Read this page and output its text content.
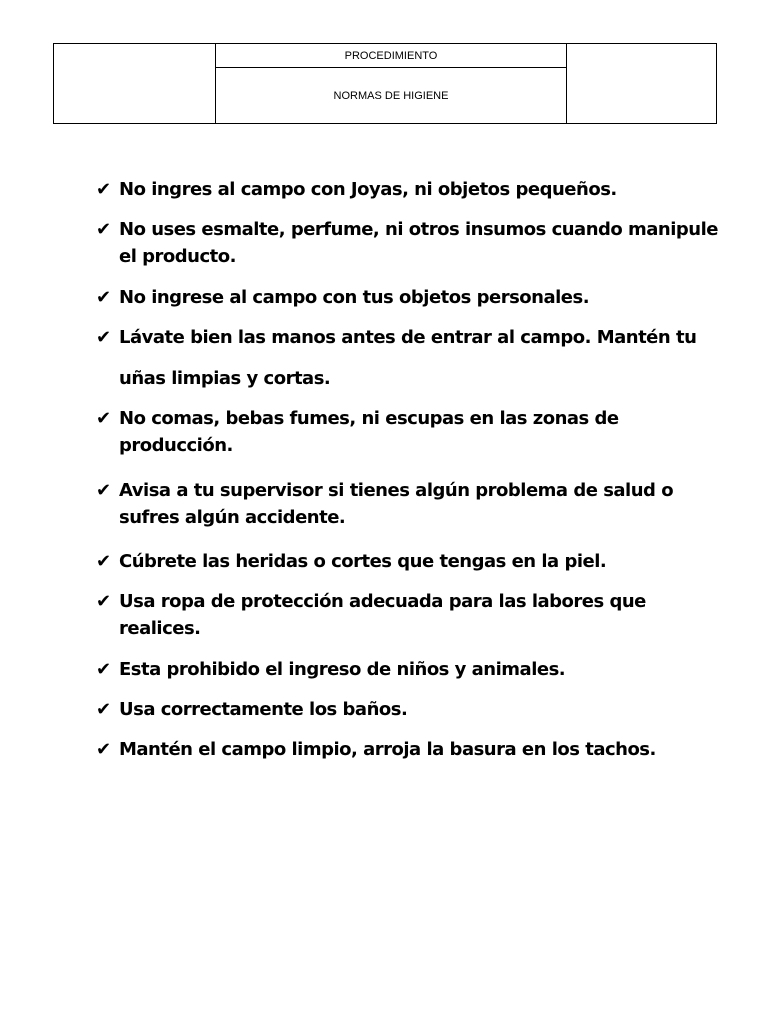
	PROCEDIMIENTO	
NORMAS DE HIGIENE
✔ No ingres al campo con Joyas, ni objetos pequeños.
✔ No uses esmalte, perfume, ni otros insumos cuando manipule el producto.
✔ No ingrese al campo con tus objetos personales.
✔ Lávate bien las manos antes de entrar al campo. Mantén tu
uñas limpias y cortas.
✔ No comas, bebas fumes, ni escupas en las zonas de producción.
✔ Avisa a tu supervisor si tienes algún problema de salud o sufres algún accidente.
✔ Cúbrete las heridas o cortes que tengas en la piel.
✔ Usa ropa de protección adecuada para las labores que realices.
✔ Esta prohibido el ingreso de niños y animales.
✔ Usa correctamente los baños.
✔ Mantén el campo limpio, arroja la basura en los tachos.
